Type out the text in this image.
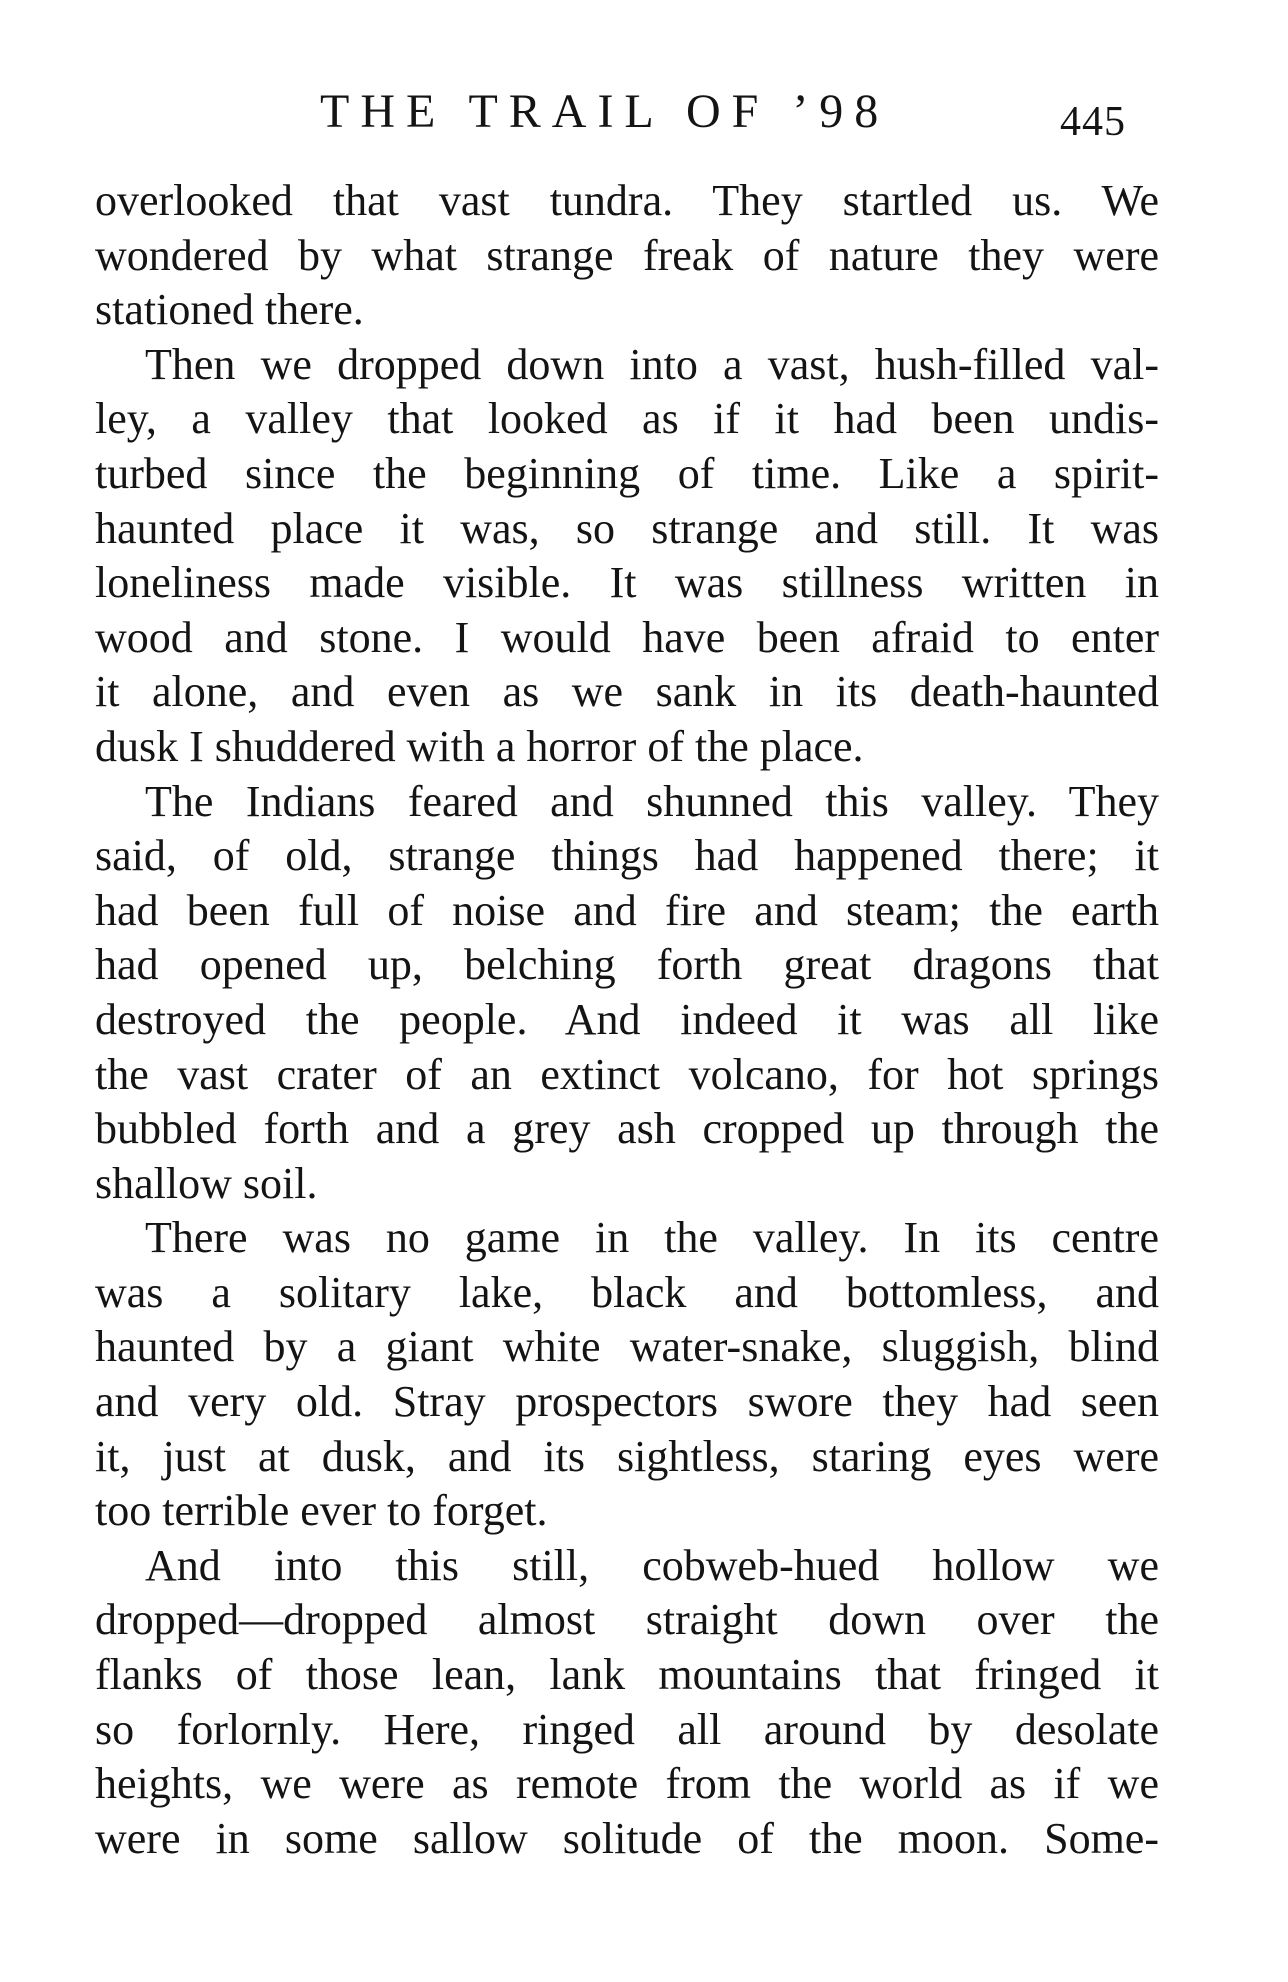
THE TRAIL OF ’98	445
overlooked that vast tundra. They startled us. We
wondered by what strange freak of nature they were
stationed there.
Then we dropped down into a vast, hush-filled val-
ley, a valley that looked as if it had been undis-
turbed since the beginning of time. Like a spirit-
haunted place it was, so strange and still. It was
loneliness made visible. It was stillness written in
wood and stone. I would have been afraid to enter
it alone, and even as we sank in its death-haunted
dusk I shuddered with a horror of the place.
The Indians feared and shunned this valley. They
said, of old, strange things had happened there; it
had been full of noise and fire and steam; the earth
had opened up, belching forth great dragons that
destroyed the people. And indeed it was all like
the vast crater of an extinct volcano, for hot springs
bubbled forth and a grey ash cropped up through the
shallow soil.
There was no game in the valley. In its centre
was a solitary lake, black and bottomless, and
haunted by a giant white water-snake, sluggish, blind
and very old. Stray prospectors swore they had seen
it, just at dusk, and its sightless, staring eyes were
too terrible ever to forget.
And into this still, cobweb-hued hollow we
dropped—dropped almost straight down over the
flanks of those lean, lank mountains that fringed it
so forlornly. Here, ringed all around by desolate
heights, we were as remote from the world as if we
were in some sallow solitude of the moon. Some-
